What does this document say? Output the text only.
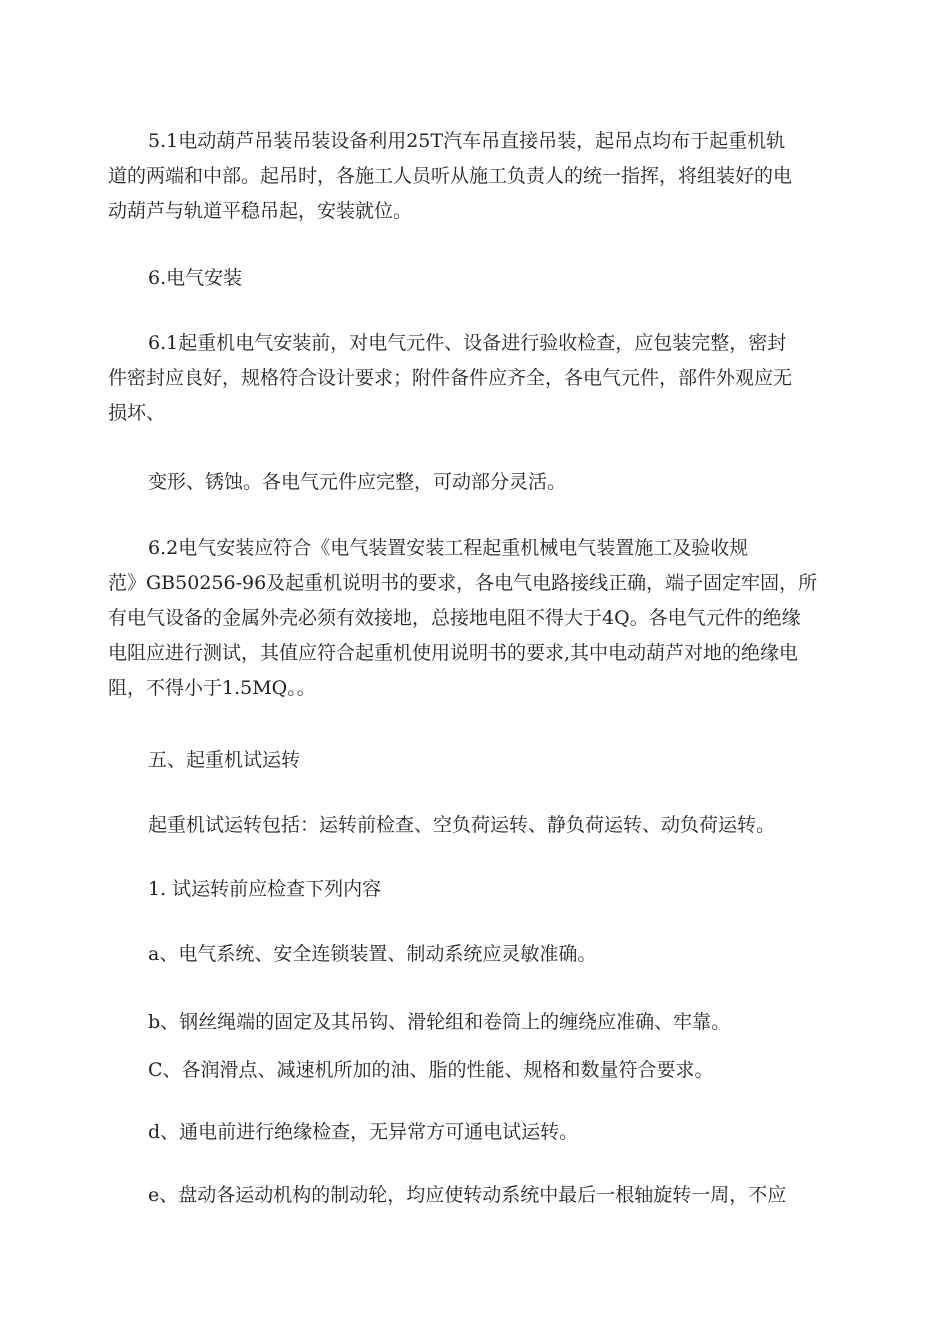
5.1电动葫芦吊装吊装设备利用25T汽车吊直接吊装，起吊点均布于起重机轨
道的两端和中部。起吊时，各施工人员听从施工负责人的统一指挥，将组装好的电
动葫芦与轨道平稳吊起，安装就位。
6.电气安装
6.1起重机电气安装前，对电气元件、设备进行验收检查，应包装完整，密封
件密封应良好，规格符合设计要求；附件备件应齐全，各电气元件，部件外观应无
损坏、
变形、锈蚀。各电气元件应完整，可动部分灵活。
6.2电气安装应符合《电气装置安装工程起重机械电气装置施工及验收规
范》GB50256-96及起重机说明书的要求，各电气电路接线正确，端子固定牢固，所
有电气设备的金属外壳必须有效接地，总接地电阻不得大于4Q。各电气元件的绝缘
电阻应进行测试，其值应符合起重机使用说明书的要求,其中电动葫芦对地的绝缘电
阻，不得小于1.5MQ。。
五、起重机试运转
起重机试运转包括：运转前检查、空负荷运转、静负荷运转、动负荷运转。
1. 试运转前应检查下列内容
a、电气系统、安全连锁装置、制动系统应灵敏准确。
b、钢丝绳端的固定及其吊钩、滑轮组和卷筒上的缠绕应准确、牢靠。
C、各润滑点、减速机所加的油、脂的性能、规格和数量符合要求。
d、通电前进行绝缘检查，无异常方可通电试运转。
e、盘动各运动机构的制动轮，均应使转动系统中最后一根轴旋转一周，不应
